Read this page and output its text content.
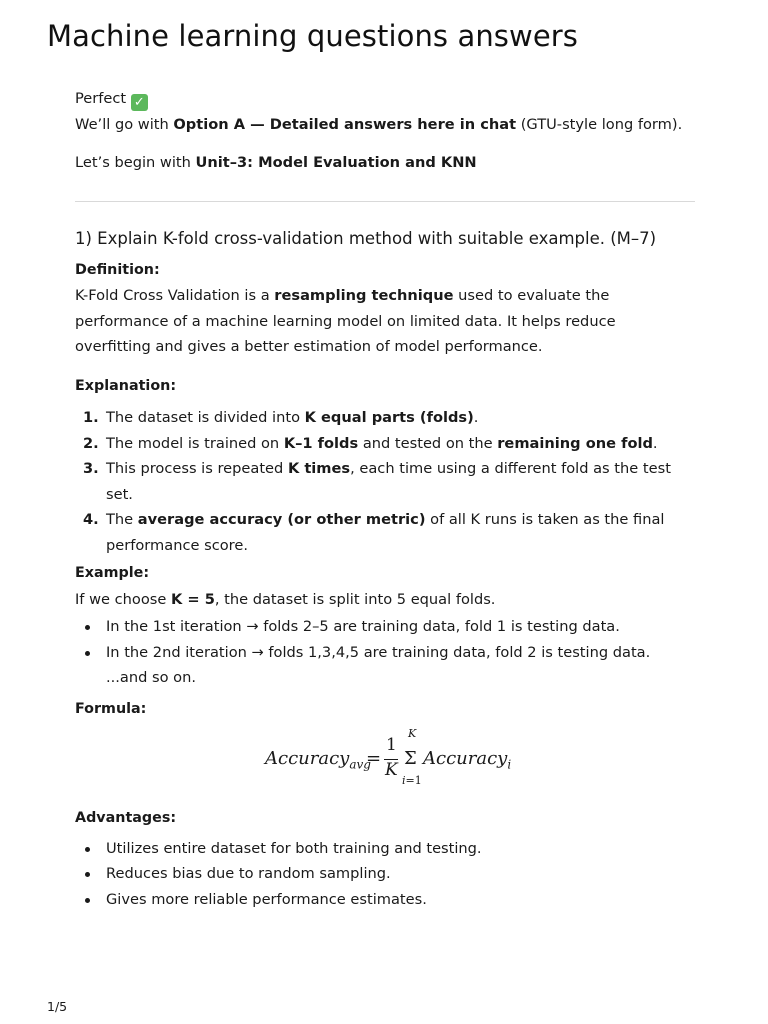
Machine learning questions answers

Perfect ✓

We’ll go with Option A — Detailed answers here in chat (GTU-style long form).

Let’s begin with Unit–3: Model Evaluation and KNN

1) Explain K-fold cross-validation method with suitable example. (M–7)

Definition:

K-Fold Cross Validation is a resampling technique used to evaluate the performance of a machine learning model on limited data. It helps reduce overfitting and gives a better estimation of model performance.

Explanation:

1. The dataset is divided into K equal parts (folds).
2. The model is trained on K–1 folds and tested on the remaining one fold.
3. This process is repeated K times, each time using a different fold as the test set.
4. The average accuracy (or other metric) of all K runs is taken as the final performance score.

Example:

If we choose K = 5, the dataset is split into 5 equal folds.

In the 1st iteration → folds 2–5 are training data, fold 1 is testing data.
In the 2nd iteration → folds 1,3,4,5 are training data, fold 2 is testing data.

...and so on.

Formula:

Accuracy$_{avg}$
=
1
K
K
Σ
i=1
Accuracy$_i$

Advantages:

Utilizes entire dataset for both training and testing.
Reduces bias due to random sampling.
Gives more reliable performance estimates.
1/5
